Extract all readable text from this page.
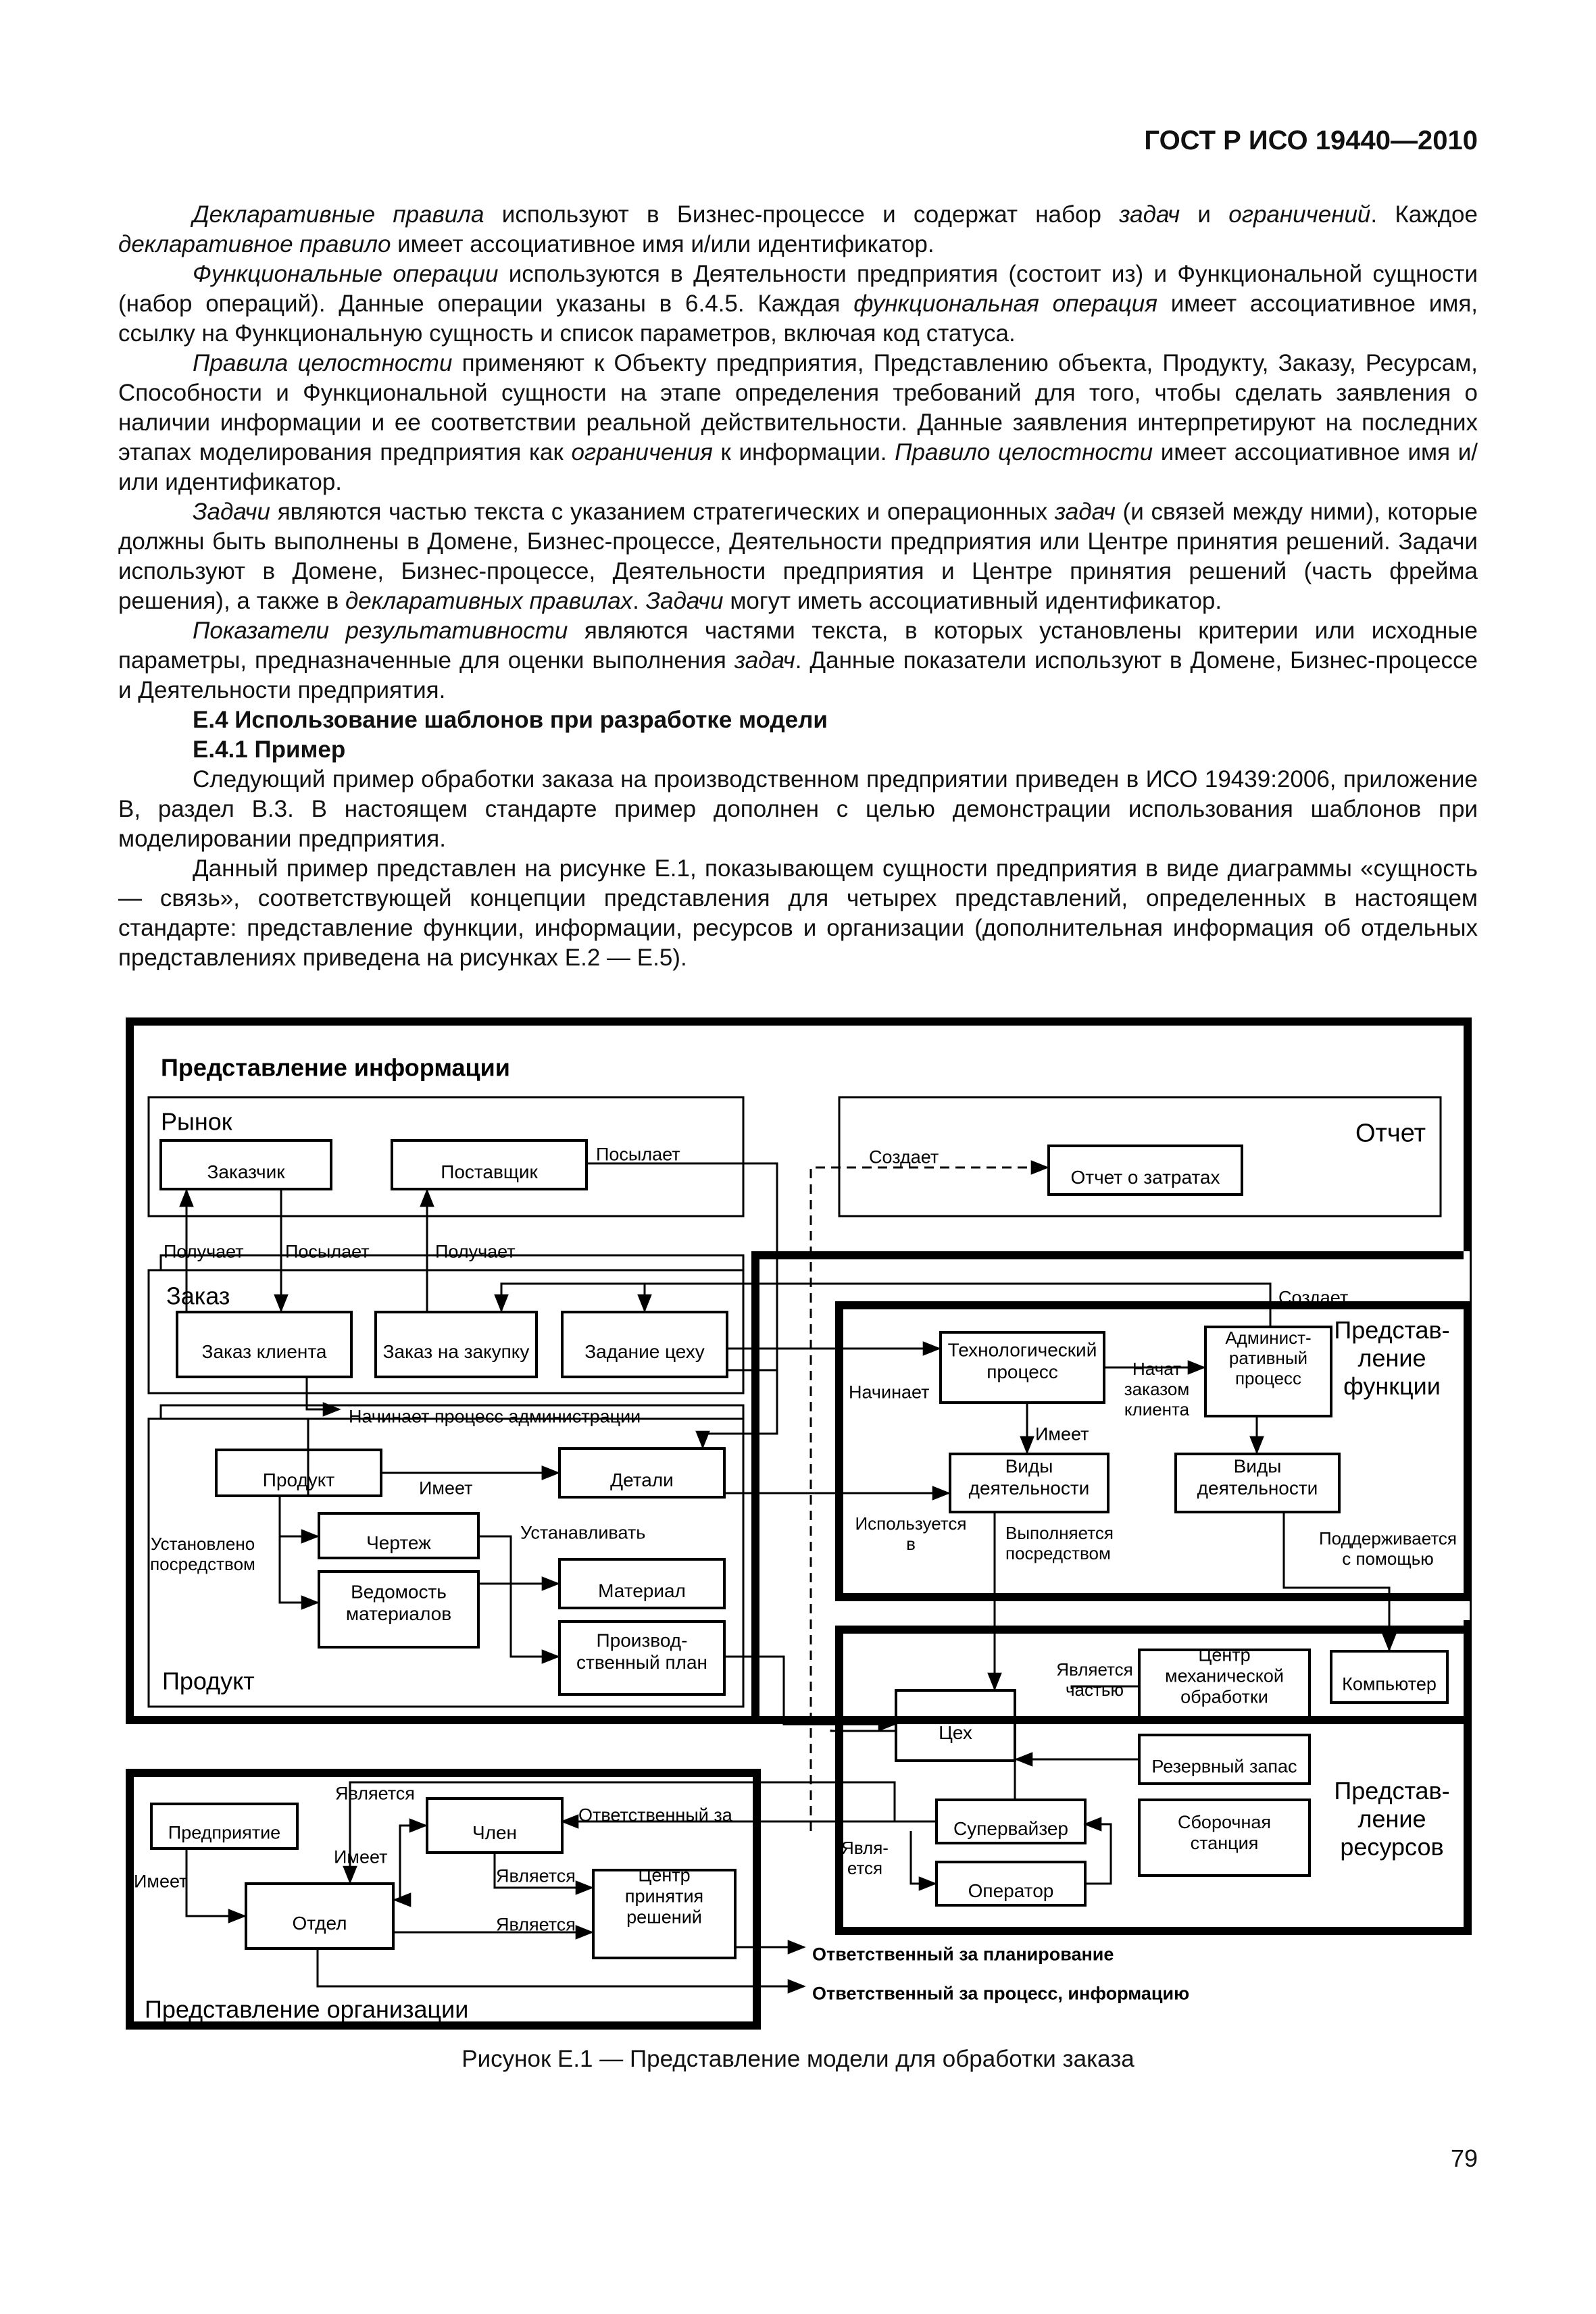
ГОСТ Р ИСО 19440—2010

Декларативные правила используют в Бизнес-процессе и содержат набор задач и ограничений. Каждое декларативное правило имеет ассоциативное имя и/или идентификатор.

Функциональные операции используются в Деятельности предприятия (состоит из) и Функциональной сущности (набор операций). Данные операции указаны в 6.4.5. Каждая функциональная операция имеет ассоциативное имя, ссылку на Функциональную сущность и список параметров, включая код статуса.

Правила целостности применяют к Объекту предприятия, Представлению объекта, Продукту, Заказу, Ресурсам, Способности и Функциональной сущности на этапе определения требований для того, чтобы сделать заявления о наличии информации и ее соответствии реальной действительности. Данные заявления интерпретируют на последних этапах моделирования предприятия как ограничения к информации. Правило целостности имеет ассоциативное имя и/или идентификатор.

Задачи являются частью текста с указанием стратегических и операционных задач (и связей между ними), которые должны быть выполнены в Домене, Бизнес-процессе, Деятельности предприятия или Центре принятия решений. Задачи используют в Домене, Бизнес-процессе, Деятельности предприятия и Центре принятия решений (часть фрейма решения), а также в декларативных правилах. Задачи могут иметь ассоциативный идентификатор.

Показатели результативности являются частями текста, в которых установлены критерии или исходные параметры, предназначенные для оценки выполнения задач. Данные показатели используют в Домене, Бизнес-процессе и Деятельности предприятия.

Е.4 Использование шаблонов при разработке модели

Е.4.1 Пример

Следующий пример обработки заказа на производственном предприятии приведен в ИСО 19439:2006, приложение В, раздел В.3. В настоящем стандарте пример дополнен с целью демонстрации использования шаблонов при моделировании предприятия.

Данный пример представлен на рисунке Е.1, показывающем сущности предприятия в виде диаграммы «сущность — связь», соответствующей концепции представления для четырех представлений, определенных в настоящем стандарте: представление функции, информации, ресурсов и организации (дополнительная информация об отдельных представлениях приведена на рисунках Е.2 — Е.5).

Представление информации
Рынок	Отчет
Заказ
Продукт
Представ-
ление
функции
Представ-
ление
ресурсов
Представление организации
Заказчик	Поставщик	Отчет о затратах
Заказ клиента	Заказ на закупку	Задание цеху
Продукт	Детали
Чертеж
Ведомость
материалов
Материал
Производ-
ственный план
Технологический
процесс
Админист-
ративный
процесс
Виды
деятельности
Виды
деятельности
Компьютер
Центр
механической
обработки
Цех
Резервный запас
Супервайзер
Оператор
Сборочная
станция
Предприятие	Член
Отдел
Центр
принятия
решений
Посылает	Создает
Получает Посылает	Получает
Создает
Начинает процесс администрации
Начинает
Начат
заказом
клиента
Имеет
Имеет
Устанавливать
Установлено
посредством
Используется
в
Выполняется
посредством
Поддерживается
с помощью
Является
частью
Является
Является
Является
Явля-
ется
Имеет
Имеет
Ответственный за
Ответственный за планирование
Ответственный за процесс, информацию
Рисунок Е.1 — Представление модели для обработки заказа
79
